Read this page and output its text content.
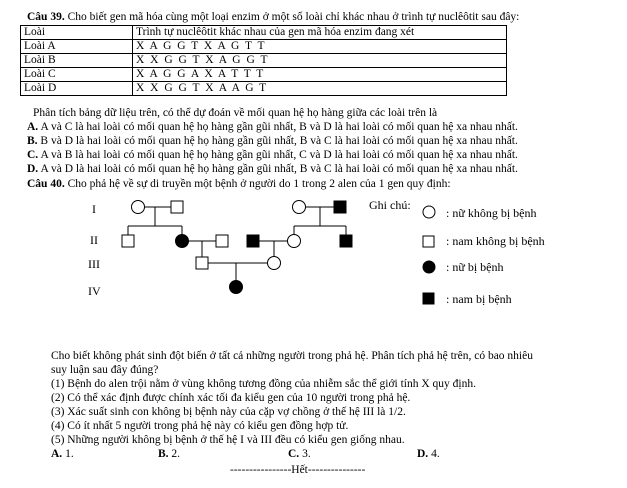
Câu 39. Cho biết gen mã hóa cùng một loại enzim ở một số loài chỉ khác nhau ở trình tự nuclêôtit sau đây:
Loài	Trình tự nuclêôtit khác nhau của gen mã hóa enzim đang xét
Loài A	X A G G T X A G T T
Loài B	X X G G T X A G G T
Loài C	X A G G A X A T T T
Loài D	X X G G T X A A G T
Phân tích bảng dữ liệu trên, có thể dự đoán về mối quan hệ họ hàng giữa các loài trên là
A. A và C là hai loài có mối quan hệ họ hàng gần gũi nhất, B và D là hai loài có mối quan hệ xa nhau nhất.
B. B và D là hai loài có mối quan hệ họ hàng gần gũi nhất, B và C là hai loài có mối quan hệ xa nhau nhất.
C. A và B là hai loài có mối quan hệ họ hàng gần gũi nhất, C và D là hai loài có mối quan hệ xa nhau nhất.
D. A và D là hai loài có mối quan hệ họ hàng gần gũi nhất, B và C là hai loài có mối quan hệ xa nhau nhất.
Câu 40. Cho phả hệ về sự di truyền một bệnh ở người do 1 trong 2 alen của 1 gen quy định:
I
II
III
IV
Ghi chú:
: nữ không bị bệnh
: nam không bị bệnh
: nữ bị bệnh
: nam bị bệnh
Cho biết không phát sinh đột biến ở tất cả những người trong phả hệ. Phân tích phả hệ trên, có bao nhiêu
suy luận sau đây đúng?
(1) Bệnh do alen trội nằm ở vùng không tương đồng của nhiễm sắc thể giới tính X quy định.
(2) Có thể xác định được chính xác tối đa kiểu gen của 10 người trong phả hệ.
(3) Xác suất sinh con không bị bệnh này của cặp vợ chồng ở thế hệ III là 1/2.
(4) Có ít nhất 5 người trong phả hệ này có kiểu gen đồng hợp tử.
(5) Những người không bị bệnh ở thế hệ I và III đều có kiểu gen giống nhau.
A. 1.	B. 2.	C. 3.	D. 4.
----------------Hết---------------
